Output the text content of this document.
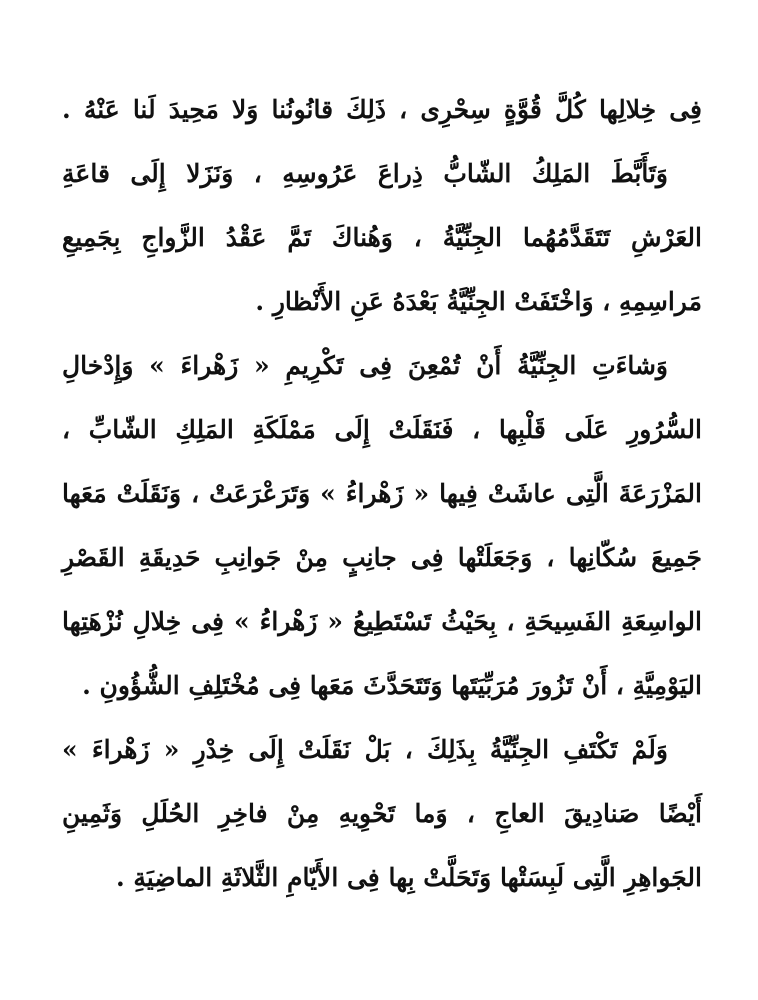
فِى خِلالِها كُلَّ قُوَّةٍ سِحْرِى ، ذَلِكَ قانُونُنا وَلا مَحِيدَ لَنا عَنْهُ .
وَتَأَبَّطَ المَلِكُ الشّابُّ ذِراعَ عَرُوسِهِ ، وَنَزَلا إِلَى قاعَةِ
العَرْشِ تَتَقَدَّمُهُما الجِنِّيَّةُ ، وَهُناكَ تَمَّ عَقْدُ الزَّواجِ بِجَمِيعِ
مَراسِمِهِ ، وَاخْتَفَتْ الجِنِّيَّةُ بَعْدَهُ عَنِ الأَنْظارِ .
وَشاءَتِ الجِنِّيَّةُ أَنْ تُمْعِنَ فِى تَكْرِيمِ « زَهْراءَ » وَإِدْخالِ
السُّرُورِ عَلَى قَلْبِها ، فَنَقَلَتْ إِلَى مَمْلَكَةِ المَلِكِ الشّابِّ ،
المَزْرَعَةَ الَّتِى عاشَتْ فِيها « زَهْراءُ » وَتَرَعْرَعَتْ ، وَنَقَلَتْ مَعَها
جَمِيعَ سُكّانِها ، وَجَعَلَتْها فِى جانِبٍ مِنْ جَوانِبِ حَدِيقَةِ القَصْرِ
الواسِعَةِ الفَسِيحَةِ ، بِحَيْثُ تَسْتَطِيعُ « زَهْراءُ » فِى خِلالِ نُزْهَتِها
اليَوْمِيَّةِ ، أَنْ تَزُورَ مُرَبِّيَتَها وَتَتَحَدَّثَ مَعَها فِى مُخْتَلِفِ الشُّؤُونِ .
وَلَمْ تَكْتَفِ الجِنِّيَّةُ بِذَلِكَ ، بَلْ نَقَلَتْ إِلَى خِدْرِ « زَهْراءَ »
أَيْضًا صَنادِيقَ العاجِ ، وَما تَحْوِيهِ مِنْ فاخِرِ الحُلَلِ وَثَمِينِ
الجَواهِرِ الَّتِى لَبِسَتْها وَتَحَلَّتْ بِها فِى الأَيّامِ الثَّلاثَةِ الماضِيَةِ .
